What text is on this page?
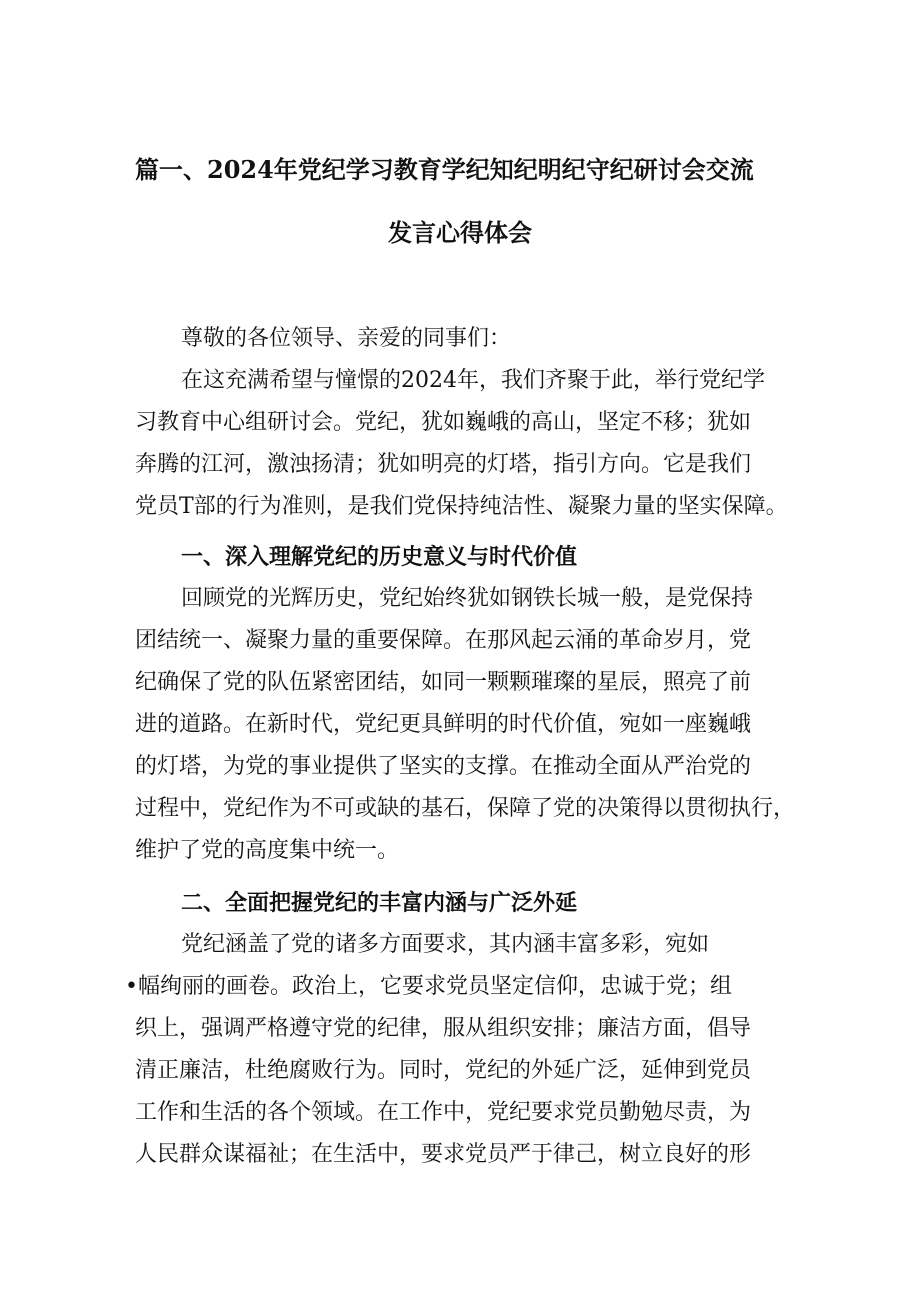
篇一、2024年党纪学习教育学纪知纪明纪守纪研讨会交流
发言心得体会
尊敬的各位领导、亲爱的同事们：
在这充满希望与憧憬的2024年，我们齐聚于此，举行党纪学
习教育中心组研讨会。党纪，犹如巍峨的高山，坚定不移；犹如
奔腾的江河，激浊扬清；犹如明亮的灯塔，指引方向。它是我们
党员T部的行为准则，是我们党保持纯洁性、凝聚力量的坚实保障。
一、深入理解党纪的历史意义与时代价值
回顾党的光辉历史，党纪始终犹如钢铁长城一般，是党保持
团结统一、凝聚力量的重要保障。在那风起云涌的革命岁月，党
纪确保了党的队伍紧密团结，如同一颗颗璀璨的星辰，照亮了前
进的道路。在新时代，党纪更具鲜明的时代价值，宛如一座巍峨
的灯塔，为党的事业提供了坚实的支撑。在推动全面从严治党的
过程中，党纪作为不可或缺的基石，保障了党的决策得以贯彻执行，
维护了党的高度集中统一。
二、全面把握党纪的丰富内涵与广泛外延
党纪涵盖了党的诸多方面要求，其内涵丰富多彩，宛如
•幅绚丽的画卷。政治上，它要求党员坚定信仰，忠诚于党；组
织上，强调严格遵守党的纪律，服从组织安排；廉洁方面，倡导
清正廉洁，杜绝腐败行为。同时，党纪的外延广泛，延伸到党员
工作和生活的各个领域。在工作中，党纪要求党员勤勉尽责，为
人民群众谋福祉；在生活中，要求党员严于律己，树立良好的形
